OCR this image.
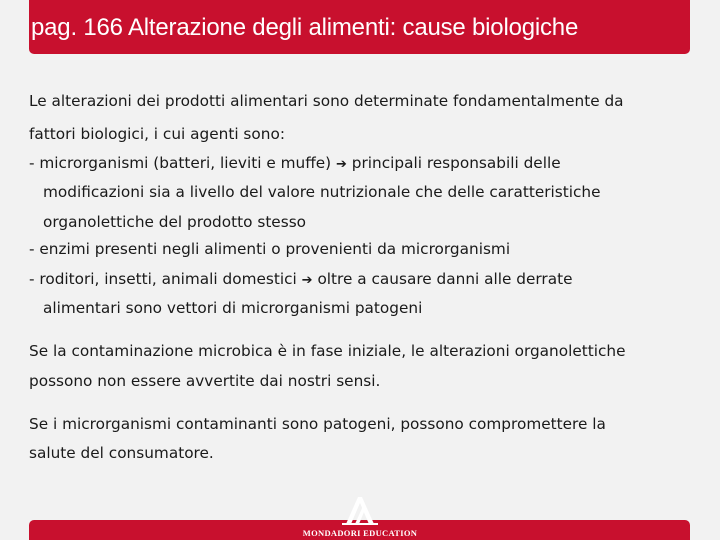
pag. 166 Alterazione degli alimenti: cause biologiche
Le alterazioni dei prodotti alimentari sono determinate fondamentalmente da
fattori biologici, i cui agenti sono:
- microrganismi (batteri, lieviti e muffe) ➔ principali responsabili delle
modificazioni sia a livello del valore nutrizionale che delle caratteristiche
organolettiche del prodotto stesso
- enzimi presenti negli alimenti o provenienti da microrganismi
- roditori, insetti, animali domestici ➔ oltre a causare danni alle derrate
alimentari sono vettori di microrganismi patogeni
Se la contaminazione microbica è in fase iniziale, le alterazioni organolettiche
possono non essere avvertite dai nostri sensi.
Se i microrganismi contaminanti sono patogeni, possono compromettere la
salute del consumatore.
MONDADORI EDUCATION
